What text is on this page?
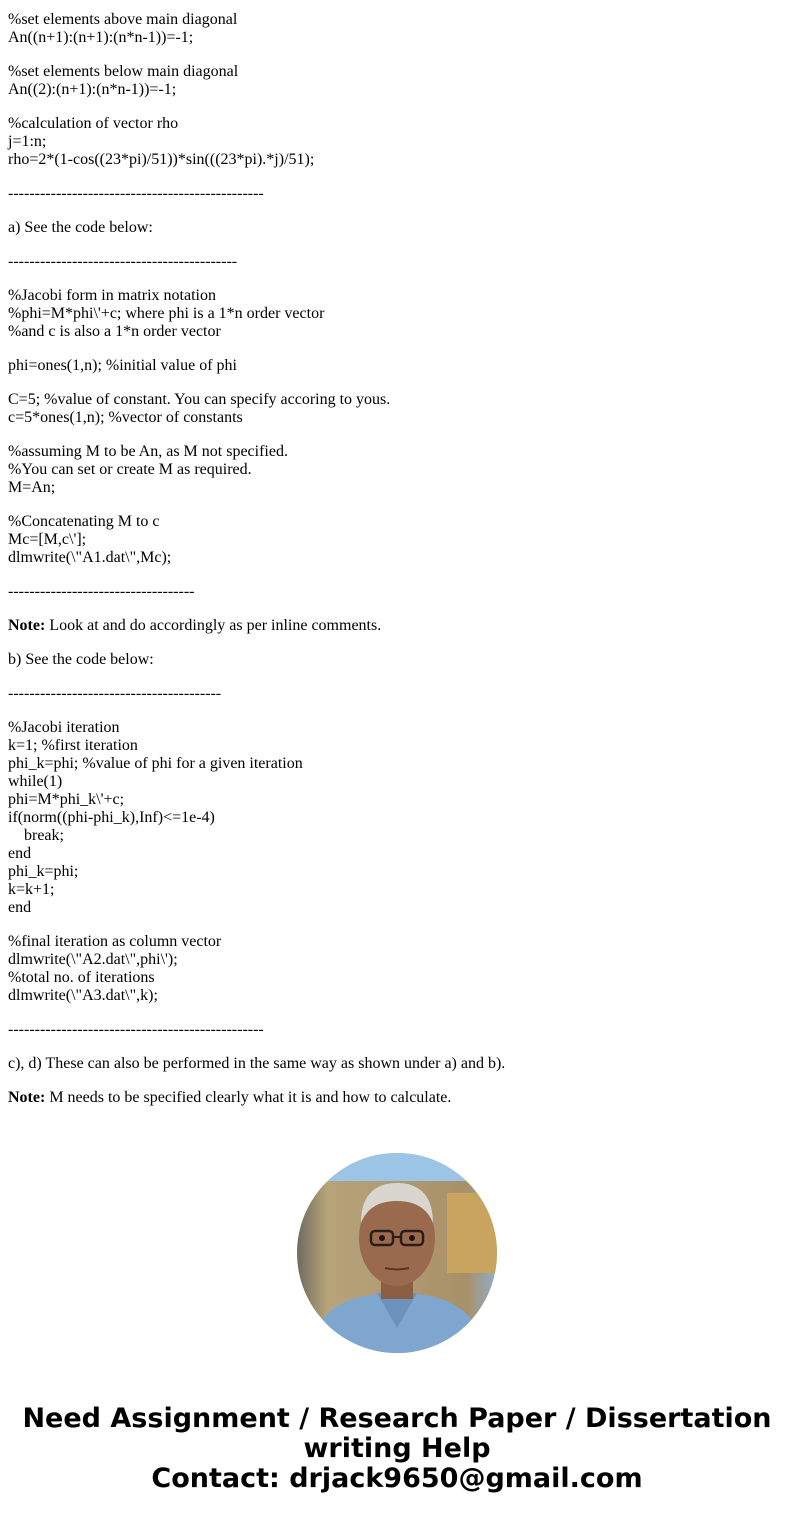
%set elements above main diagonal
An((n+1):(n+1):(n*n-1))=-1;
%set elements below main diagonal
An((2):(n+1):(n*n-1))=-1;
%calculation of vector rho
j=1:n;
rho=2*(1-cos((23*pi)/51))*sin(((23*pi).*j)/51);
------------------------------------------------
a) See the code below:
-------------------------------------------
%Jacobi form in matrix notation
%phi=M*phi\'+c; where phi is a 1*n order vector
%and c is also a 1*n order vector
phi=ones(1,n); %initial value of phi
C=5; %value of constant. You can specify accoring to yous.
c=5*ones(1,n); %vector of constants
%assuming M to be An, as M not specified.
%You can set or create M as required.
M=An;
%Concatenating M to c
Mc=[M,c\'];
dlmwrite(\"A1.dat\",Mc);
-----------------------------------
Note: Look at and do accordingly as per inline comments.
b) See the code below:
----------------------------------------
%Jacobi iteration
k=1; %first iteration
phi_k=phi; %value of phi for a given iteration
while(1)
phi=M*phi_k\'+c;
if(norm((phi-phi_k),Inf)<=1e-4)
break;
end
phi_k=phi;
k=k+1;
end
%final iteration as column vector
dlmwrite(\"A2.dat\",phi\');
%total no. of iterations
dlmwrite(\"A3.dat\",k);
------------------------------------------------
c), d) These can also be performed in the same way as shown under a) and b).
Note: M needs to be specified clearly what it is and how to calculate.
Need Assignment / Research Paper / Dissertation
writing Help
Contact: drjack9650@gmail.com
